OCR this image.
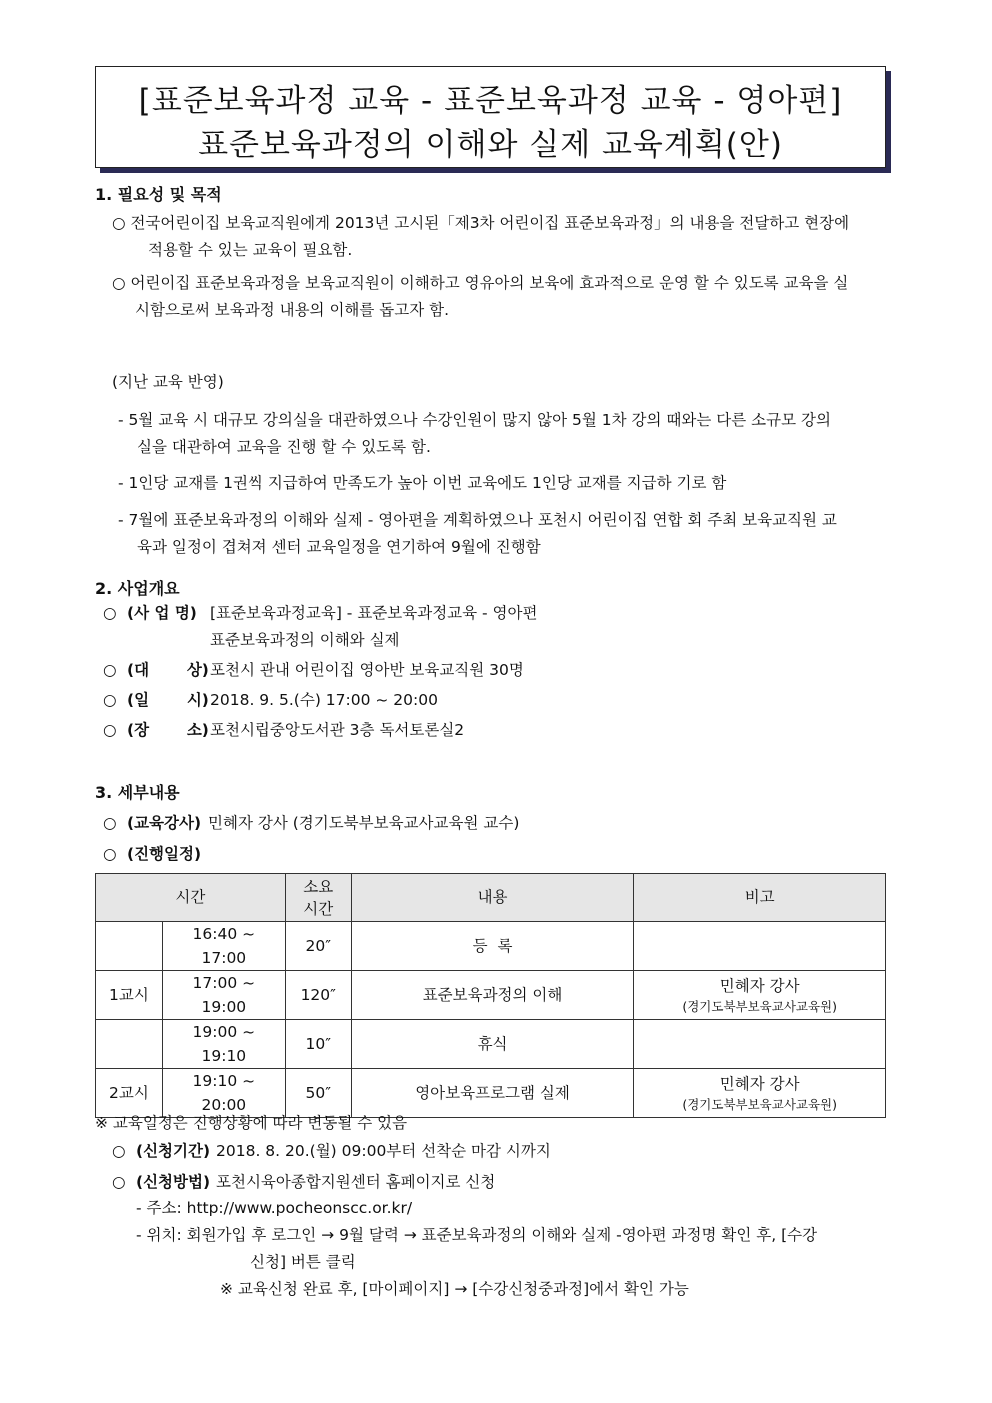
[표준보육과정 교육 - 표준보육과정 교육 - 영아편]
표준보육과정의 이해와 실제 교육계획(안)
1. 필요성 및 목적
○ 전국어린이집 보육교직원에게 2013년 고시된「제3차 어린이집 표준보육과정」의 내용을 전달하고 현장에
적용할 수 있는 교육이 필요함.
○ 어린이집 표준보육과정을 보육교직원이 이해하고 영유아의 보육에 효과적으로 운영 할 수 있도록 교육을 실
시함으로써 보육과정 내용의 이해를 돕고자 함.
(지난 교육 반영)
- 5월 교육 시 대규모 강의실을 대관하였으나 수강인원이 많지 않아 5월 1차 강의 때와는 다른 소규모 강의
실을 대관하여 교육을 진행 할 수 있도록 함.
- 1인당 교재를 1권씩 지급하여 만족도가 높아 이번 교육에도 1인당 교재를 지급하 기로 함
- 7월에 표준보육과정의 이해와 실제 - 영아편을 계획하였으나 포천시 어린이집 연합 회 주최 보육교직원 교
육과 일정이 겹쳐져 센터 교육일정을 연기하여 9월에 진행함
2. 사업개요
○ (사 업 명) [표준보육과정교육] - 표준보육과정교육 - 영아편
표준보육과정의 이해와 실제
○ (대       상) 포천시 관내 어린이집 영아반 보육교직원 30명
○ (일       시) 2018. 9. 5.(수) 17:00 ~ 20:00
○ (장       소) 포천시립중앙도서관 3층 독서토론실2
3. 세부내용
○ (교육강사) 민혜자 강사 (경기도북부보육교사교육원 교수)
○ (진행일정)
시간		소요
시간	내용	비고

	16:40 ~
17:00	20″	등  록	

1교시	17:00 ~
19:00	120″	표준보육과정의 이해	민혜자 강사
(경기도북부보육교사교육원)

	19:00 ~
19:10	10″	휴식	

2교시	19:10 ~
20:00	50″	영아보육프로그램 실제	민혜자 강사
(경기도북부보육교사교육원)
※ 교육일정은 진행상황에 따라 변동될 수 있음
○ (신청기간) 2018. 8. 20.(월) 09:00부터 선착순 마감 시까지
○ (신청방법) 포천시육아종합지원센터 홈페이지로 신청
- 주소: http://www.pocheonscc.or.kr/
- 위치: 회원가입 후 로그인 → 9월 달력 → 표준보육과정의 이해와 실제 -영아편 과정명 확인 후, [수강
신청] 버튼 클릭
※ 교육신청 완료 후, [마이페이지] → [수강신청중과정]에서 확인 가능
